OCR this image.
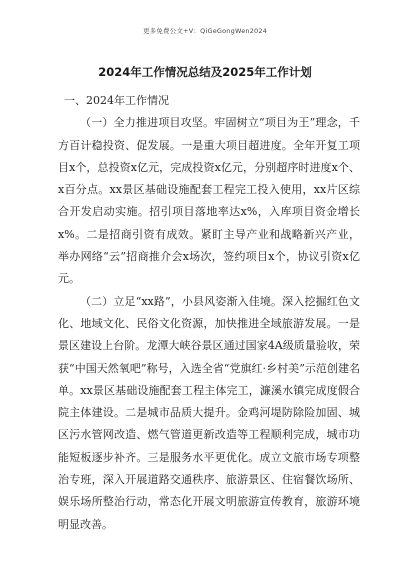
更多免费公文+V：QiGeGongWen2024
2024年工作情况总结及2025年工作计划

一、2024年工作情况

（一）全力推进项目攻坚。牢固树立“项目为王”理念，千方百计稳投资、促发展。一是重大项目超进度。全年开复工项目x个，总投资x亿元，完成投资x亿元，分别超序时进度x个、x百分点。xx景区基础设施配套工程完工投入使用，xx片区综合开发启动实施。招引项目落地率达x%，入库项目资金增长x%。二是招商引资有成效。紧盯主导产业和战略新兴产业，举办网络“云”招商推介会x场次，签约项目x个，协议引资x亿元。

（二）立足“xx路”，小县风姿渐入佳境。深入挖掘红色文化、地域文化、民俗文化资源，加快推进全域旅游发展。一是景区建设上台阶。龙潭大峡谷景区通过国家4A级质量验收，荣获“中国天然氧吧”称号，入选全省“党旗红·乡村美”示范创建名单。xx景区基础设施配套工程主体完工，濂溪水镇完成度假合院主体建设。二是城市品质大提升。金鸡河堤防除险加固、城区污水管网改造、燃气管道更新改造等工程顺利完成，城市功能短板逐步补齐。三是服务水平更优化。成立文旅市场专项整治专班，深入开展道路交通秩序、旅游景区、住宿餐饮场所、娱乐场所整治行动，常态化开展文明旅游宣传教育，旅游环境明显改善。
